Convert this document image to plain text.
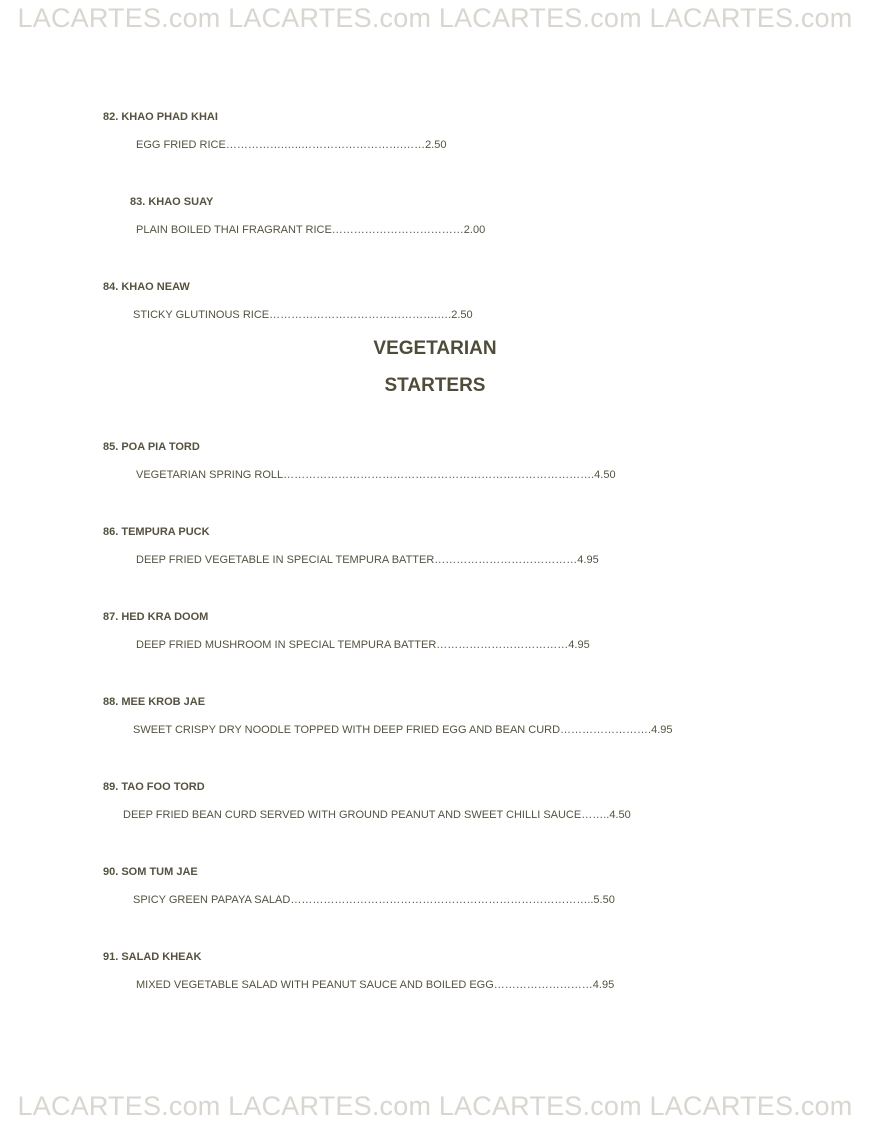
LACARTES.com LACARTES.com LACARTES.com LACARTES.com
82. KHAO PHAD KHAI
EGG FRIED RICE…………….…..……………………….……2.50
83. KHAO SUAY
PLAIN BOILED THAI FRAGRANT RICE………………………………2.00
84. KHAO NEAW
STICKY GLUTINOUS RICE……………………………………….….2.50
VEGETARIAN
STARTERS
85. POA PIA TORD
VEGETARIAN SPRING ROLL………………………………………………………………………….4.50
86. TEMPURA PUCK
DEEP FRIED VEGETABLE IN SPECIAL TEMPURA BATTER…………………………………4.95
87. HED KRA DOOM
DEEP FRIED MUSHROOM IN SPECIAL TEMPURA BATTER………………………………4.95
88. MEE KROB JAE
SWEET CRISPY DRY NOODLE TOPPED WITH DEEP FRIED EGG AND BEAN CURD…………………….4.95
89. TAO FOO TORD
DEEP FRIED BEAN CURD SERVED WITH GROUND PEANUT AND SWEET CHILLI SAUCE……..4.50
90. SOM TUM JAE
SPICY GREEN PAPAYA SALAD………………………………………………………………………..5.50
91. SALAD KHEAK
MIXED VEGETABLE SALAD WITH PEANUT SAUCE AND BOILED EGG………………………4.95
LACARTES.com LACARTES.com LACARTES.com LACARTES.com
